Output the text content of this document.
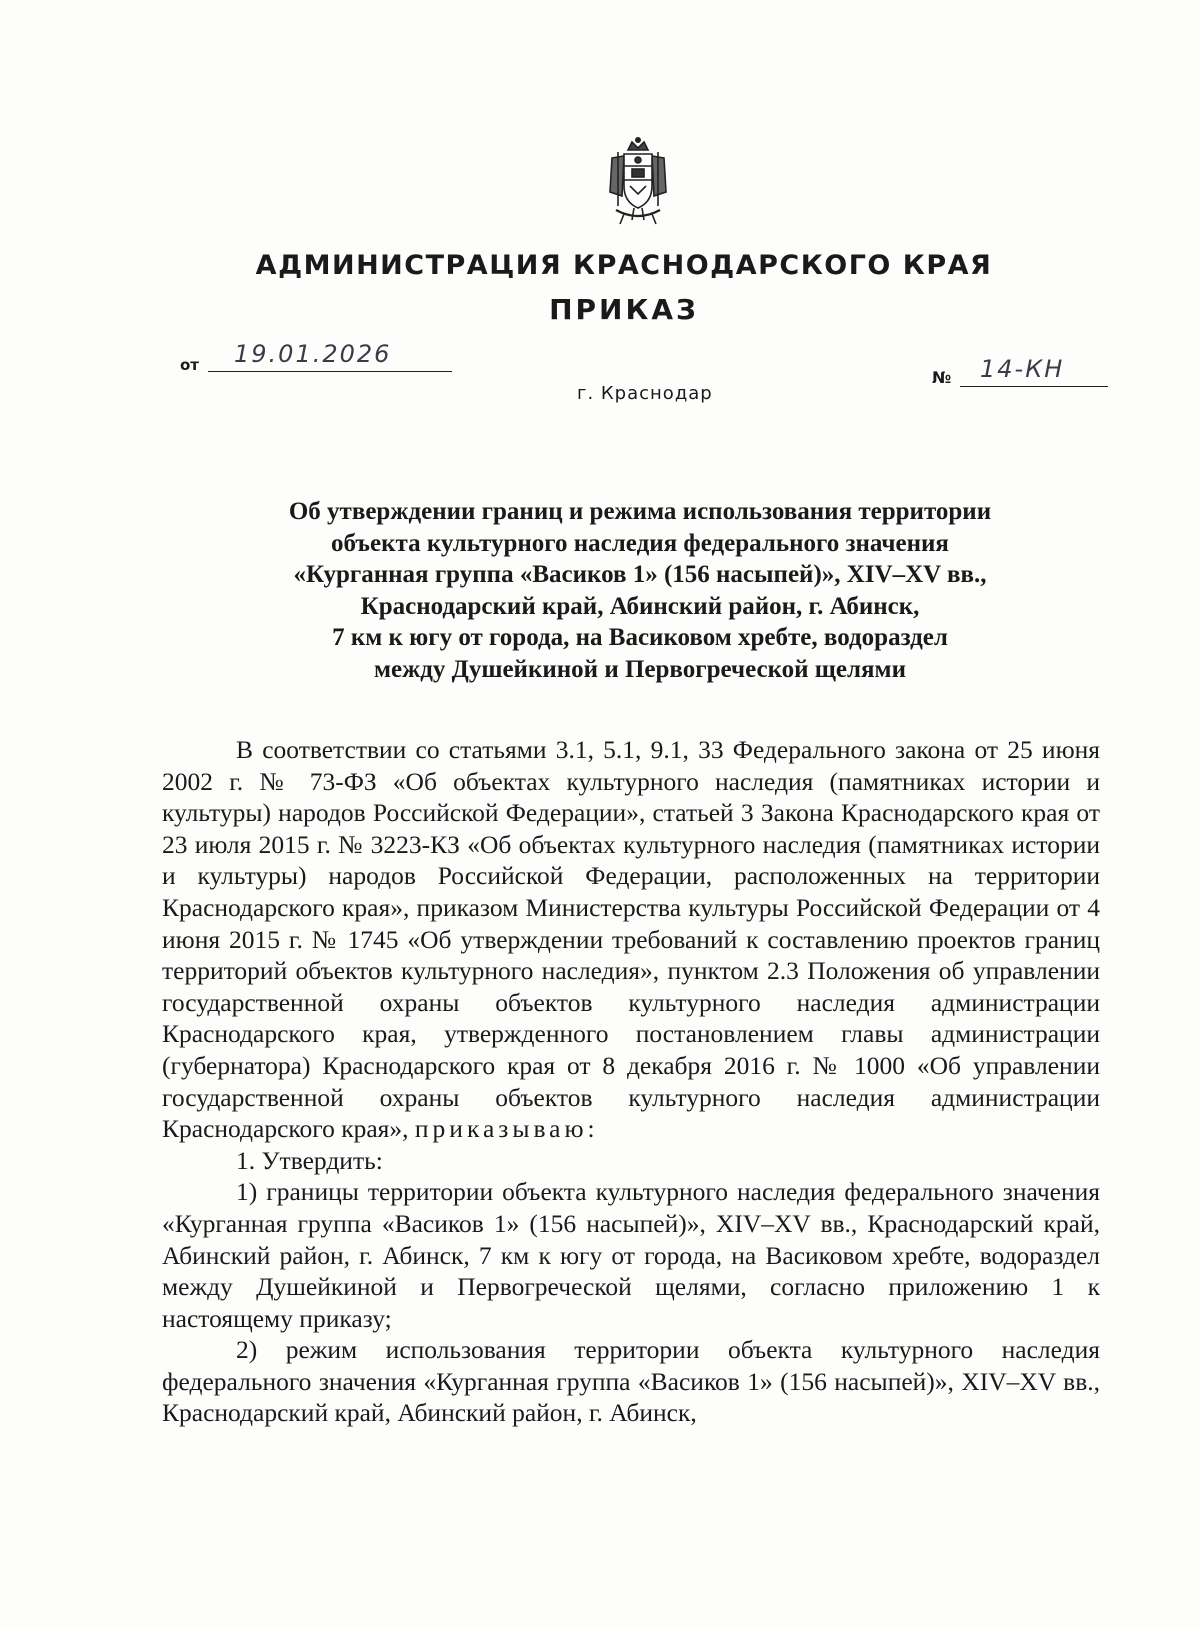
АДМИНИСТРАЦИЯ КРАСНОДАРСКОГО КРАЯ
ПРИКАЗ
от	19.01.2026
г. Краснодар
№	14-КН
Об утверждении границ и режима использования территории
объекта культурного наследия федерального значения
«Курганная группа «Васиков 1» (156 насыпей)», XIV–XV вв.,
Краснодарский край, Абинский район, г. Абинск,
7 км к югу от города, на Васиковом хребте, водораздел
между Душейкиной и Первогреческой щелями

В соответствии со статьями 3.1, 5.1, 9.1, 33 Федерального закона от 25 июня 2002 г. № 73-ФЗ «Об объектах культурного наследия (памятниках истории и культуры) народов Российской Федерации», статьей 3 Закона Краснодарского края от 23 июля 2015 г. № 3223-КЗ «Об объектах культурного наследия (памятниках истории и культуры) народов Российской Федерации, расположенных на территории Краснодарского края», приказом Министерства культуры Российской Федерации от 4 июня 2015 г. № 1745 «Об утверждении требований к составлению проектов границ территорий объектов культурного наследия», пунктом 2.3 Положения об управлении государственной охраны объектов культурного наследия администрации Краснодарского края, утвержденного постановлением главы администрации (губернатора) Краснодарского края от 8 декабря 2016 г. № 1000 «Об управлении государственной охраны объектов культурного наследия администрации Краснодарского края», приказываю:

1. Утвердить:

1) границы территории объекта культурного наследия федерального значения «Курганная группа «Васиков 1» (156 насыпей)», XIV–XV вв., Краснодарский край, Абинский район, г. Абинск, 7 км к югу от города, на Васиковом хребте, водораздел между Душейкиной и Первогреческой щелями, согласно приложению 1 к настоящему приказу;

2) режим использования территории объекта культурного наследия федерального значения «Курганная группа «Васиков 1» (156 насыпей)», XIV–XV вв., Краснодарский край, Абинский район, г. Абинск,
